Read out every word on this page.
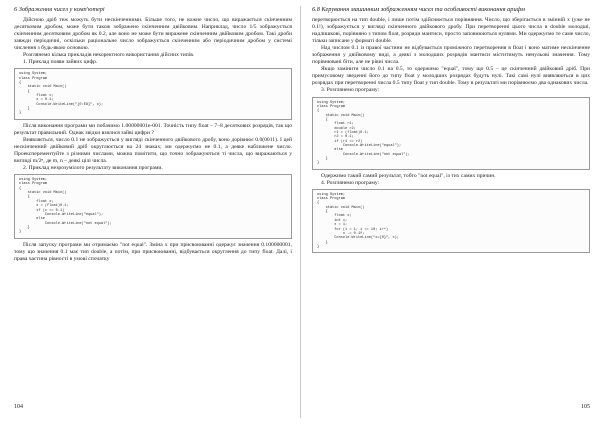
6 Зображення чисел у комп'ютері

Дійсною дріб теж можуть бути нескінченними. Більше того, не кожне число, що виражається скінченним десятковим дробом, може бути також зображено скінченним двійковим. Наприклад, число 1/5 зображується скінченним десятковим дробом як 0.2, але воно не може бути виражене скінченним двійковим дробом. Такі дроби завжди періодичні, оскільки раціональне число зображується скінченним або періодичним дробом у системі числення з будь-якою основою.

Розглянемо кілька прикладів некоректного використання дійсних типів.

1. Приклад появи зайвих цифр.
using System;
class Program
{
static void Main()
{
float x;
x = 0.1;
Console.WriteLine("{0:E8}", x);
}
}

Після виконання програми ми побачимо 1.00000001e-001. Точність типу float – 7–8 десяткових розрядів, так що результат правильний. Однак звідки взялися зайві цифри ?

Виявляється, число 0.1 не зображується у вигляді скінченного двійкового дробу, воно дорівнює 0.0(0011). І цей нескінченний двійковий дріб округлюється на 24 знаках; ми одержуємо не 0.1, а деяке наближене число. Проексперементуйте з різними числами, можна помітити, що точно зображуються ті числа, що виражаються у вигляді m/2ⁿ, де m, n – деякі цілі числа.

2. Приклад незрозумілого результату виконання програми.
using System;
class Program
{
static void Main()
{
float x;
x = (float)0.1;
if (x == 0.1)
Console.WriteLine("equal");
else
Console.WriteLine("not equal");
}
}

Після запуску програми ми отримаємо "not equal". Зміна x при присвоюванні одержує значення 0.100000001, тому що значення 0.1 має тип double, а потім, при присвоюванні, відбувається округлення до типу float. Далі, і права частина рівності в умові спочатку

104
6.8 Керування машинним зображенням чисел та особливості виконання арифм

перетворюється на тип double, і лише потім здійснюється порівняння. Число, що зберігається в змінній x (уже не 0.1!), зображується у вигляді скінченного двійкового дробу. При перетворенні цього числа в double молодші, надлишкові, порівняно з типом float, розряди мантиси, просто заповнюються нулями. Ми одержуємо те саме число, тільки записане у форматі double.

Над числом 0.1 із правої частини не відбувається проміжного перетворення в float і воно матиме нескінченне зображення у двійковому виді, а деякі з молодших розрядів мантиси міститимуть ненульові значення. Тому порівнювані біти, але не рівні числа.

Якщо замінити число 0.1 на 0.5, то одержимо "equal", тому що 0.5 – це скінченний двійковий дріб. При примусовому зведенні його до типу float у молодших розрядах будуть нулі. Такі самі нулі виявляються в цих розрядах при перетворенні числа 0.5 типу float у тип double. Тому в результаті ми порівнюємо два однакових числа.

3. Розглянемо програму:
using System;
class Program
{
static void Main()
{
float r1;
double r2;
r1 = (float)0.1;
r2 = 0.1;
if (r1 == r2)
Console.WriteLine("equal");
else
Console.WriteLine("not equal");
}
}

Одержимо такий самий результат, тобто "not equal", із тих самих причин.

4. Розглянемо програму:
using System;
class Program
{
static void Main()
{
float x;
int i;
x = 1;
for (i = 1; i <= 10; i++)
x -= 0.1f;
Console.WriteLine("x={0}", x);
}
}
105
